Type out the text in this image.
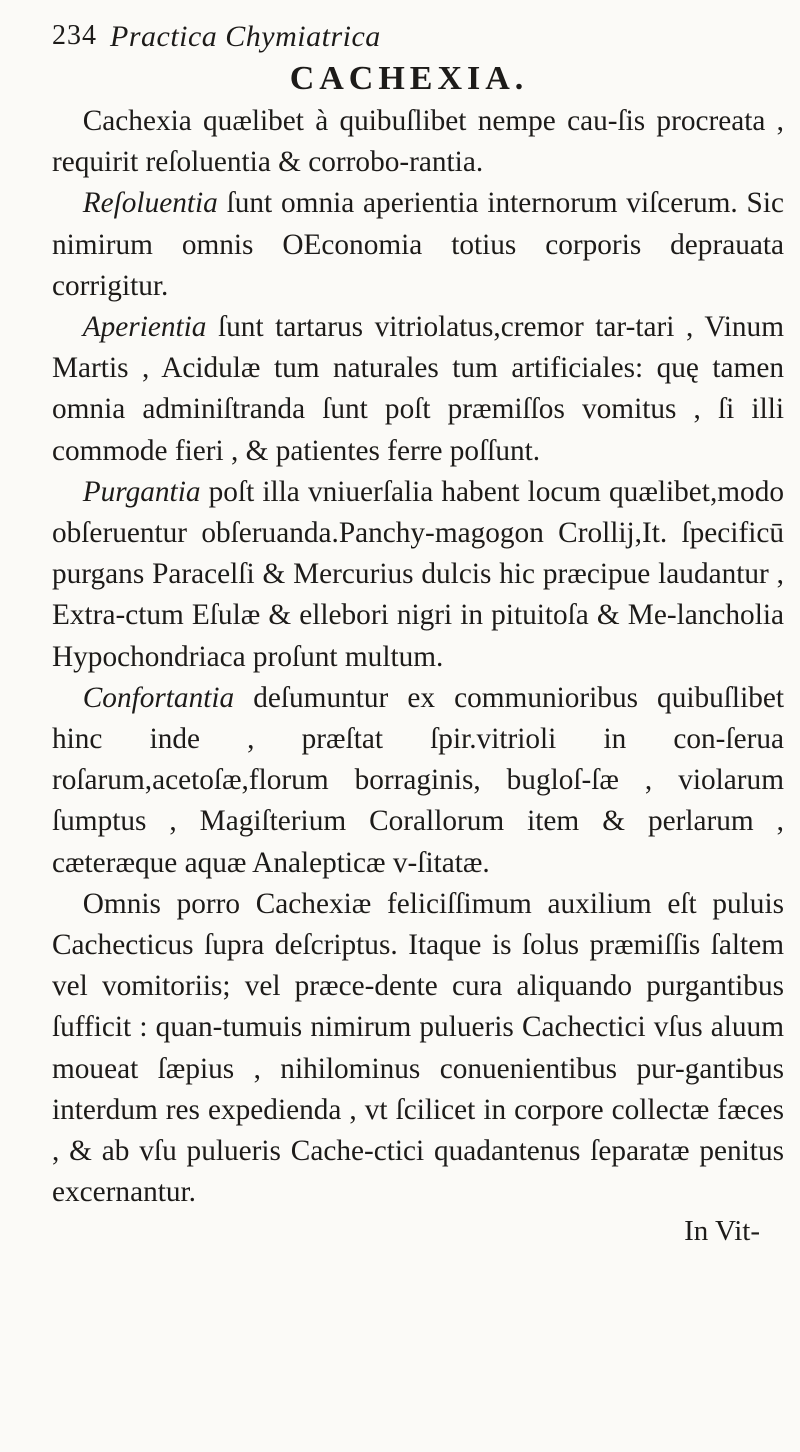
234 Practica Chymiatrica
CACHEXIA.

Cachexia quælibet à quibuſlibet nempe cau-ſis procreata , requirit reſoluentia & corrobo-rantia.

Reſoluentia ſunt omnia aperientia internorum viſcerum. Sic nimirum omnis OEconomia totius corporis deprauata corrigitur.

Aperientia ſunt tartarus vitriolatus,cremor tar-tari , Vinum Martis , Acidulæ tum naturales tum artificiales: quę tamen omnia adminiſtranda ſunt poſt præmiſſos vomitus , ſi illi commode fieri , & patientes ferre poſſunt.

Purgantia poſt illa vniuerſalia habent locum quælibet,modo obſeruentur obſeruanda.Panchy-magogon Crollij,It. ſpecificū purgans Paracelſi & Mercurius dulcis hic præcipue laudantur , Extra-ctum Eſulæ & ellebori nigri in pituitoſa & Me-lancholia Hypochondriaca proſunt multum.

Confortantia deſumuntur ex communioribus quibuſlibet hinc inde , præſtat ſpir.vitrioli in con-ſerua roſarum,acetoſæ,florum borraginis, bugloſ-ſæ , violarum ſumptus , Magiſterium Corallorum item & perlarum , cæteræque aquæ Analepticæ v-ſitatæ.

Omnis porro Cachexiæ feliciſſimum auxilium eſt puluis Cachecticus ſupra deſcriptus. Itaque is ſolus præmiſſis ſaltem vel vomitoriis; vel præce-dente cura aliquando purgantibus ſufficit : quan-tumuis nimirum pulueris Cachectici vſus aluum moueat ſæpius , nihilominus conuenientibus pur-gantibus interdum res expedienda , vt ſcilicet in corpore collectæ fæces , & ab vſu pulueris Cache-ctici quadantenus ſeparatæ penitus excernantur.

In Vit-
